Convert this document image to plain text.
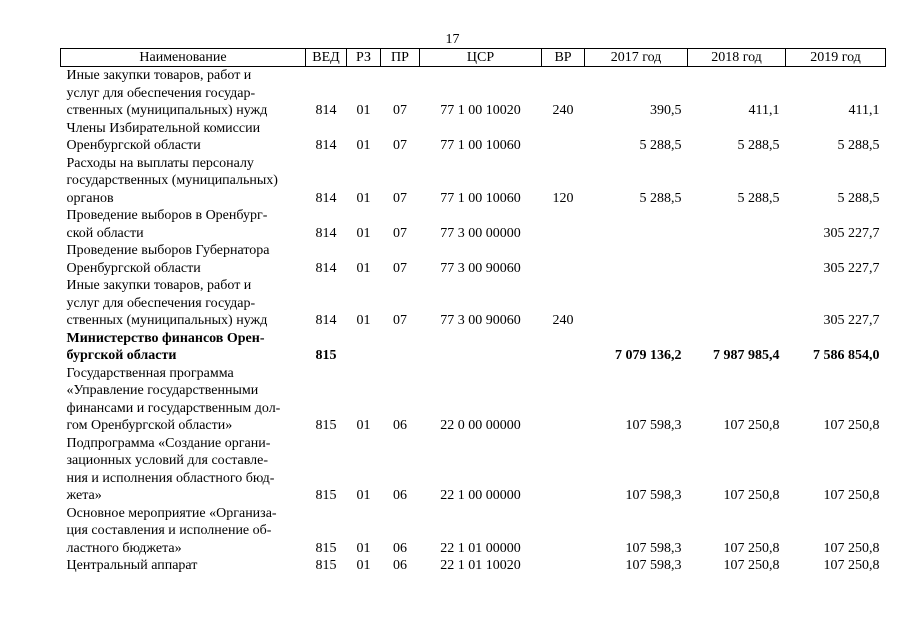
17
Наименование	ВЕД	РЗ	ПР	ЦСР	ВР	2017 год	2018 год	2019 год

Иные закупки товаров, работ и
услуг для обеспечения государ-
ственных (муниципальных) нужд	814	01	07	77 1 00 10020	240	390,5	411,1	411,1

Члены Избирательной комиссии
Оренбургской области	814	01	07	77 1 00 10060		5 288,5	5 288,5	5 288,5

Расходы на выплаты персоналу
государственных (муниципальных)
органов	814	01	07	77 1 00 10060	120	5 288,5	5 288,5	5 288,5

Проведение выборов в Оренбург-
ской области	814	01	07	77 3 00 00000				305 227,7

Проведение выборов Губернатора
Оренбургской области	814	01	07	77 3 00 90060				305 227,7

Иные закупки товаров, работ и
услуг для обеспечения государ-
ственных (муниципальных) нужд	814	01	07	77 3 00 90060	240			305 227,7

Министерство финансов Орен-
бургской области	815					7 079 136,2	7 987 985,4	7 586 854,0

Государственная программа
«Управление государственными
финансами и государственным дол-
гом Оренбургской области»	815	01	06	22 0 00 00000		107 598,3	107 250,8	107 250,8

Подпрограмма «Создание органи-
зационных условий для составле-
ния и исполнения областного бюд-
жета»	815	01	06	22 1 00 00000		107 598,3	107 250,8	107 250,8

Основное мероприятие «Организа-
ция составления и исполнение об-
ластного бюджета»	815	01	06	22 1 01 00000		107 598,3	107 250,8	107 250,8

Центральный аппарат	815	01	06	22 1 01 10020		107 598,3	107 250,8	107 250,8
